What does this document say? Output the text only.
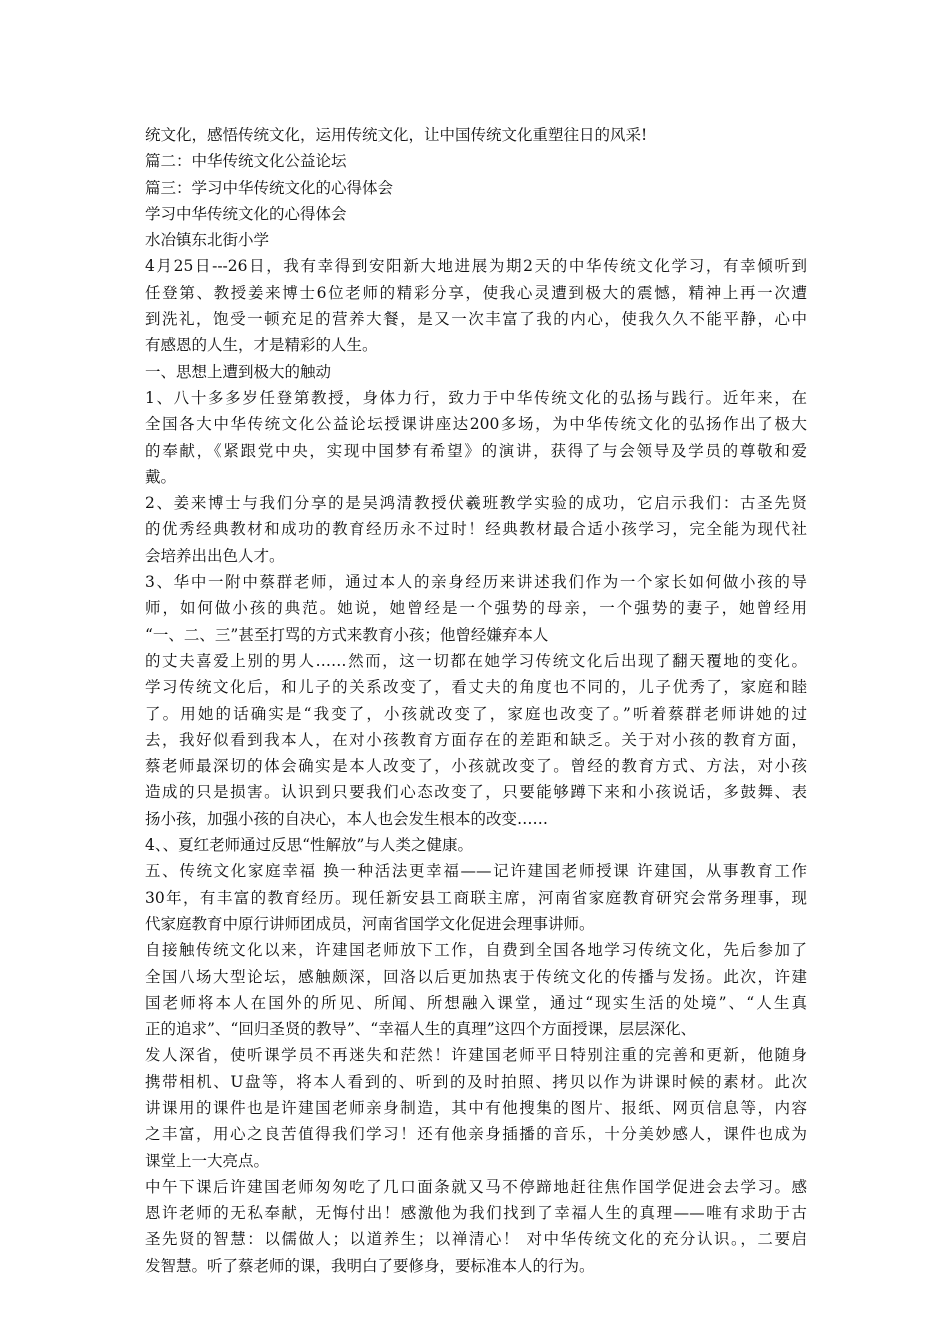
统文化，感悟传统文化，运用传统文化，让中国传统文化重塑往日的风采!
篇二：中华传统文化公益论坛
篇三：学习中华传统文化的心得体会
学习中华传统文化的心得体会
水冶镇东北街小学
4月25日---26日，我有幸得到安阳新大地进展为期2天的中华传统文化学习，有幸倾听到
任登第、教授姜来博士6位老师的精彩分享，使我心灵遭到极大的震憾，精神上再一次遭
到洗礼，饱受一顿充足的营养大餐，是又一次丰富了我的内心，使我久久不能平静，心中
有感恩的人生，才是精彩的人生。
一、思想上遭到极大的触动
1、八十多多岁任登第教授，身体力行，致力于中华传统文化的弘扬与践行。近年来，在
全国各大中华传统文化公益论坛授课讲座达200多场，为中华传统文化的弘扬作出了极大
的奉献，《紧跟党中央，实现中国梦有希望》的演讲，获得了与会领导及学员的尊敬和爱
戴。
2、姜来博士与我们分享的是吴鸿清教授伏羲班教学实验的成功，它启示我们：古圣先贤
的优秀经典教材和成功的教育经历永不过时！经典教材最合适小孩学习，完全能为现代社
会培养出出色人才。
3、华中一附中蔡群老师，通过本人的亲身经历来讲述我们作为一个家长如何做小孩的导
师，如何做小孩的典范。她说，她曾经是一个强势的母亲，一个强势的妻子，她曾经用
“一、二、三”甚至打骂的方式来教育小孩；他曾经嫌弃本人
的丈夫喜爱上别的男人……然而，这一切都在她学习传统文化后出现了翻天覆地的变化。
学习传统文化后，和儿子的关系改变了，看丈夫的角度也不同的，儿子优秀了，家庭和睦
了。用她的话确实是“我变了，小孩就改变了，家庭也改变了。”听着蔡群老师讲她的过
去，我好似看到我本人，在对小孩教育方面存在的差距和缺乏。关于对小孩的教育方面，
蔡老师最深切的体会确实是本人改变了，小孩就改变了。曾经的教育方式、方法，对小孩
造成的只是损害。认识到只要我们心态改变了，只要能够蹲下来和小孩说话，多鼓舞、表
扬小孩，加强小孩的自决心，本人也会发生根本的改变……
4、、夏红老师通过反思“性解放”与人类之健康。
五、传统文化家庭幸福 换一种活法更幸福——记许建国老师授课 许建国，从事教育工作
30年，有丰富的教育经历。现任新安县工商联主席，河南省家庭教育研究会常务理事，现
代家庭教育中原行讲师团成员，河南省国学文化促进会理事讲师。
自接触传统文化以来，许建国老师放下工作，自费到全国各地学习传统文化，先后参加了
全国八场大型论坛，感触颇深，回洛以后更加热衷于传统文化的传播与发扬。此次，许建
国老师将本人在国外的所见、所闻、所想融入课堂，通过“现实生活的处境”、“人生真
正的追求”、“回归圣贤的教导”、“幸福人生的真理”这四个方面授课，层层深化、
发人深省，使听课学员不再迷失和茫然！许建国老师平日特别注重的完善和更新，他随身
携带相机、U盘等，将本人看到的、听到的及时拍照、拷贝以作为讲课时候的素材。此次
讲课用的课件也是许建国老师亲身制造，其中有他搜集的图片、报纸、网页信息等，内容
之丰富，用心之良苦值得我们学习！还有他亲身插播的音乐，十分美妙感人，课件也成为
课堂上一大亮点。
中午下课后许建国老师匆匆吃了几口面条就又马不停蹄地赶往焦作国学促进会去学习。感
恩许老师的无私奉献，无悔付出！感激他为我们找到了幸福人生的真理——唯有求助于古
圣先贤的智慧：以儒做人；以道养生；以禅清心！ 对中华传统文化的充分认识。，二要启
发智慧。听了蔡老师的课，我明白了要修身，要标准本人的行为。
